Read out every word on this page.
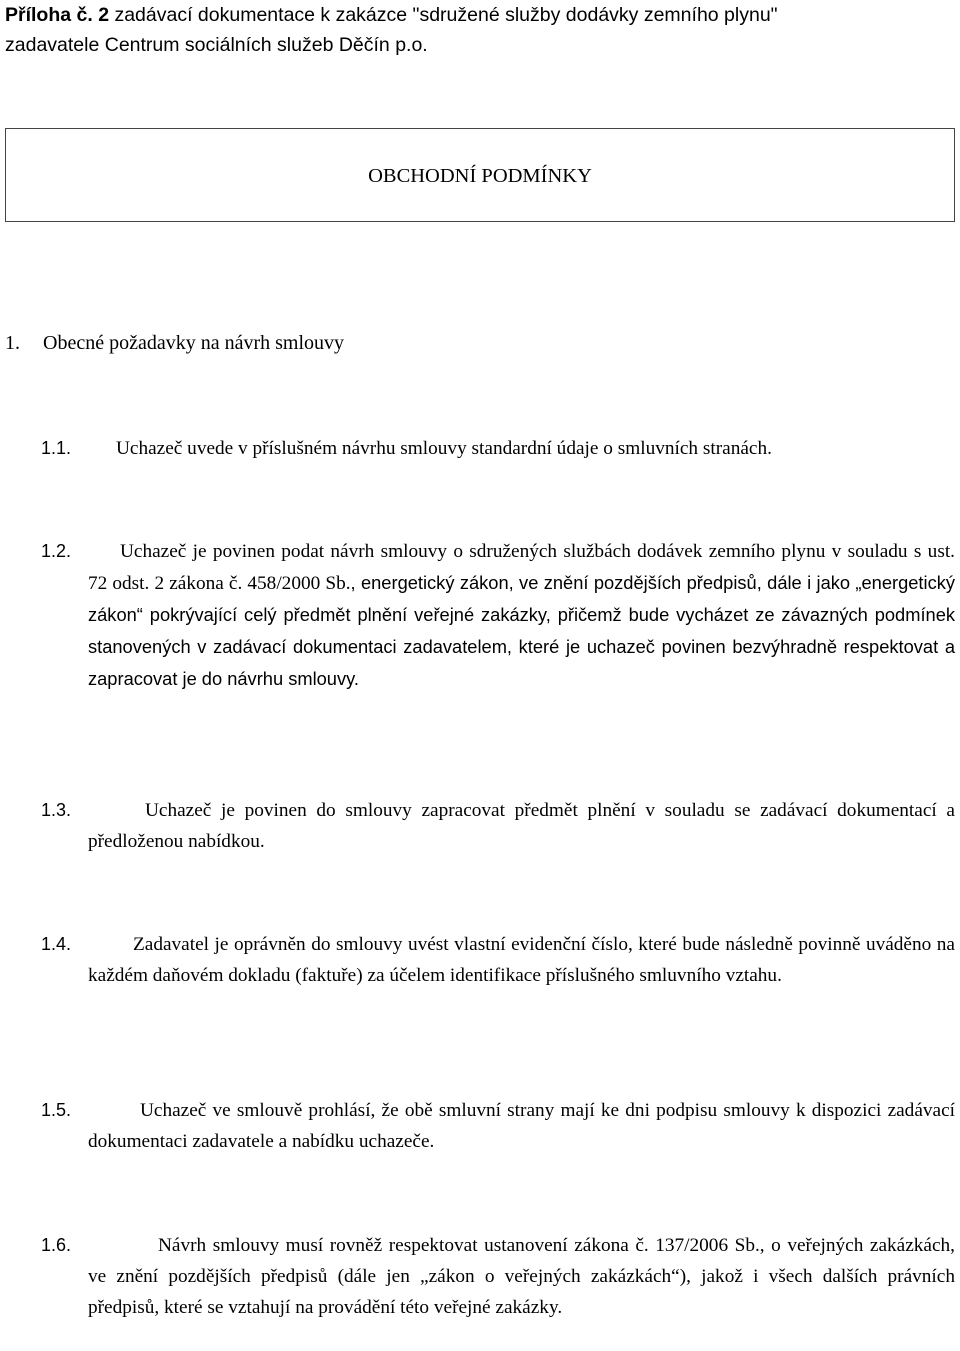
Příloha č. 2 zadávací dokumentace k zakázce "sdružené služby dodávky zemního plynu"
zadavatele Centrum sociálních služeb Děčín p.o.
OBCHODNÍ PODMÍNKY
1. Obecné požadavky na návrh smlouvy
1.1. Uchazeč uvede v příslušném návrhu smlouvy standardní údaje o smluvních stranách.
1.2.	Uchazeč je povinen podat návrh smlouvy o sdružených službách dodávek zemního plynu v souladu s ust. 72 odst. 2 zákona č. 458/2000 Sb., energetický zákon, ve znění pozdějších předpisů, dále i jako „energetický zákon“ pokrývající celý předmět plnění veřejné zakázky, přičemž bude vycházet ze závazných podmínek stanovených v zadávací dokumentaci zadavatelem, které je uchazeč povinen bezvýhradně respektovat a zapracovat je do návrhu smlouvy.
1.3.	Uchazeč je povinen do smlouvy zapracovat předmět plnění v souladu se zadávací dokumentací a předloženou nabídkou.
1.4.	Zadavatel je oprávněn do smlouvy uvést vlastní evidenční číslo, které bude následně povinně uváděno na každém daňovém dokladu (faktuře) za účelem identifikace příslušného smluvního vztahu.
1.5.	Uchazeč ve smlouvě prohlásí, že obě smluvní strany mají ke dni podpisu smlouvy k dispozici zadávací dokumentaci zadavatele a nabídku uchazeče.
1.6.	Návrh smlouvy musí rovněž respektovat ustanovení zákona č. 137/2006 Sb., o veřejných zakázkách, ve znění pozdějších předpisů (dále jen „zákon o veřejných zakázkách“), jakož i všech dalších právních předpisů, které se vztahují na provádění této veřejné zakázky.
